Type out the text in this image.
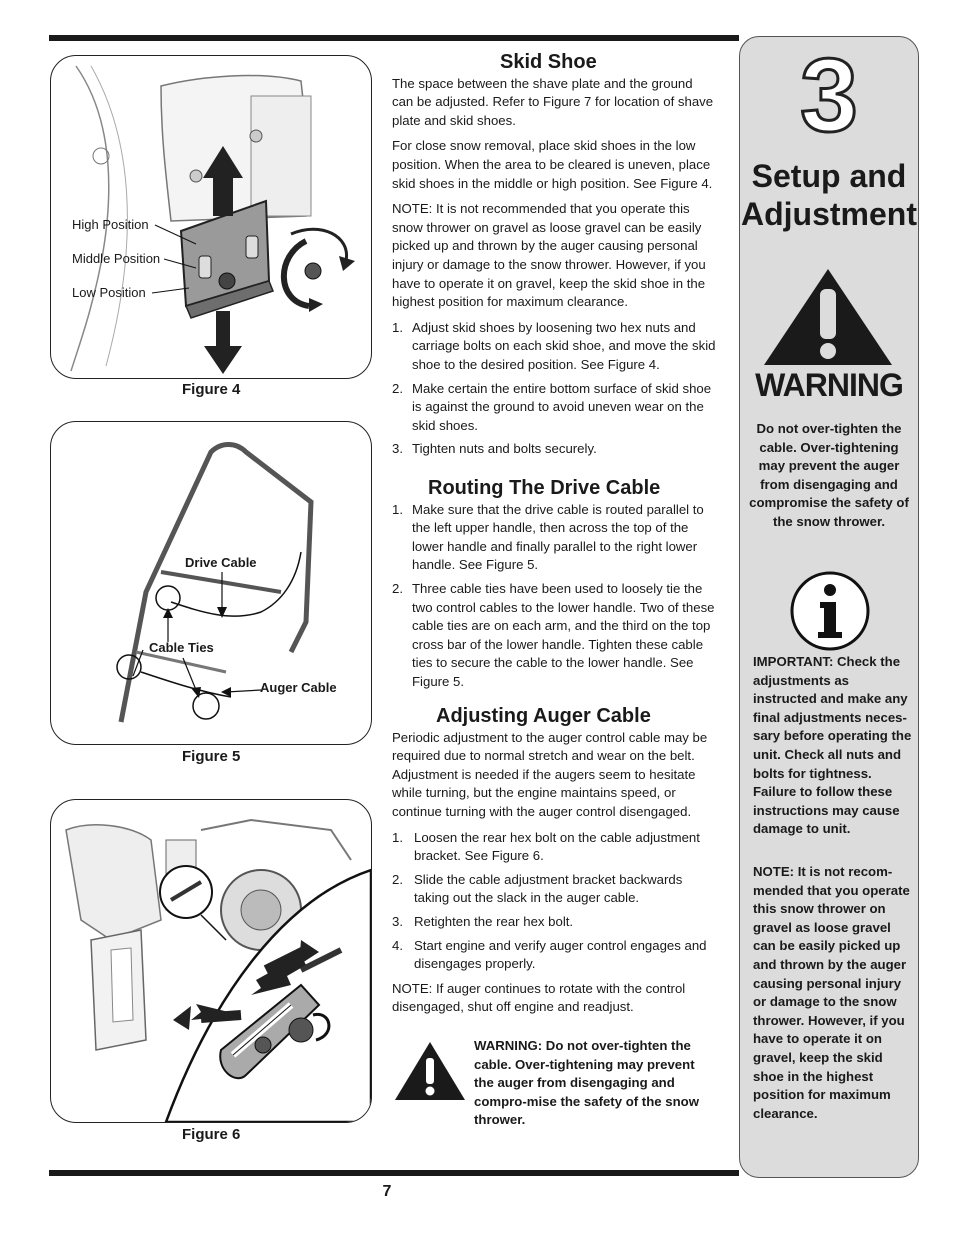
High Position
Middle Position
Low Position
Figure 4
Drive Cable
Cable Ties
Auger Cable
Figure 5
Figure 6
Skid Shoe

The space between the shave plate and the ground can be adjusted. Refer to Figure 7 for location of shave plate and skid shoes.

For close snow removal, place skid shoes in the low position. When the area to be cleared is uneven, place skid shoes in the middle or high position. See Figure 4.

NOTE: It is not recommended that you operate this snow thrower on gravel as loose gravel can be easily picked up and thrown by the auger causing personal injury or damage to the snow thrower. However, if you have to operate it on gravel, keep the skid shoe in the highest position for maximum clearance.

1. Adjust skid shoes by loosening two hex nuts and carriage bolts on each skid shoe, and move the skid shoe to the desired position. See Figure 4.
2. Make certain the entire bottom surface of skid shoe is against the ground to avoid uneven wear on the skid shoes.
3. Tighten nuts and bolts securely.
Routing The Drive Cable
1. Make sure that the drive cable is routed parallel to the left upper handle, then across the top of the lower handle and finally parallel to the right lower handle. See Figure 5.
2. Three cable ties have been used to loosely tie the two control cables to the lower handle. Two of these cable ties are on each arm, and the third on the top cross bar of the lower handle. Tighten these cable ties to secure the cable to the lower handle. See Figure 5.
Adjusting Auger Cable

Periodic adjustment to the auger control cable may be required due to normal stretch and wear on the belt. Adjustment is needed if the augers seem to hesitate while turning, but the engine maintains speed, or continue turning with the auger control disengaged.

1. Loosen the rear hex bolt on the cable adjustment bracket. See Figure 6.
2. Slide the cable adjustment bracket backwards taking out the slack in the auger cable.
3. Retighten the rear hex bolt.
4. Start engine and verify auger control engages and disengages properly.

NOTE: If auger continues to rotate with the control disengaged, shut off engine and readjust.

WARNING: Do not over-tighten the cable. Over-tightening may prevent the auger from disengaging and compro-mise the safety of the snow thrower.
3
Setup and
Adjustment
WARNING
Do not over-tighten the cable. Over-tightening may prevent the auger from disengaging and compromise the safety of the snow thrower.
IMPORTANT: Check the adjustments as instructed and make any final adjustments neces-sary before operating the unit. Check all nuts and bolts for tightness. Failure to follow these instructions may cause damage to unit.
NOTE: It is not recom-mended that you operate this snow thrower on gravel as loose gravel can be easily picked up and thrown by the auger causing personal injury or damage to the snow thrower. However, if you have to operate it on gravel, keep the skid shoe in the highest position for maximum clearance.
7
